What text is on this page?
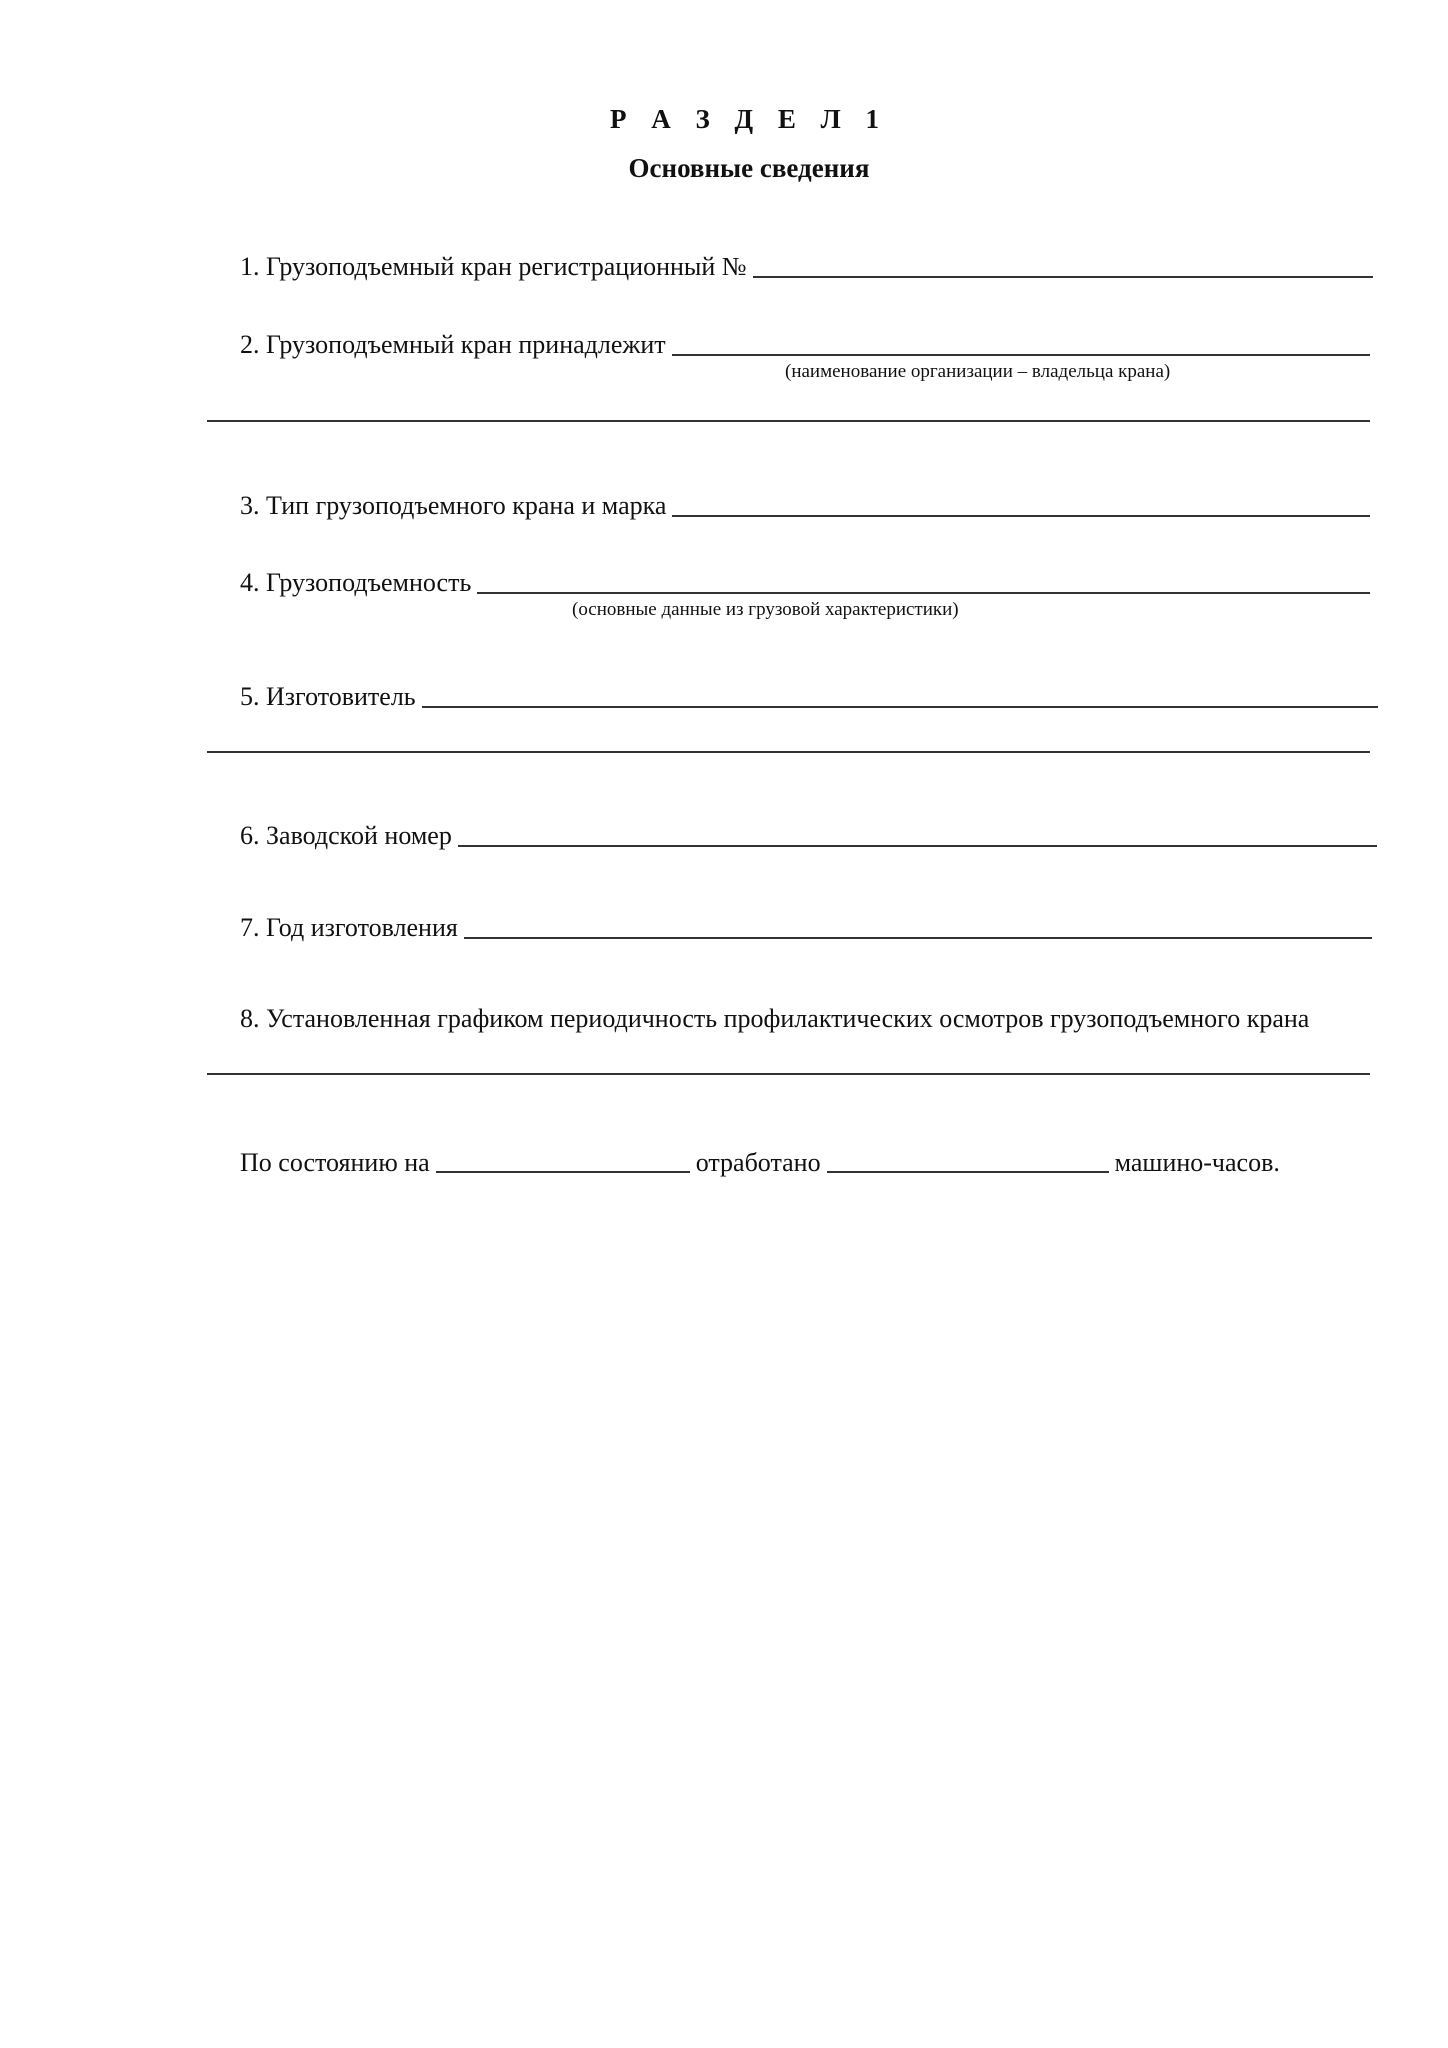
Р А З Д Е Л 1
Основные сведения
1. Грузоподъемный кран регистрационный №
2. Грузоподъемный кран принадлежит
(наименование организации – владельца крана)
3. Тип грузоподъемного крана и марка
4. Грузоподъемность
(основные данные из грузовой характеристики)
5. Изготовитель
6. Заводской номер
7. Год изготовления
8. Установленная графиком периодичность профилактических осмотров грузоподъемного крана
По состоянию на	отработано	машино-часов.
